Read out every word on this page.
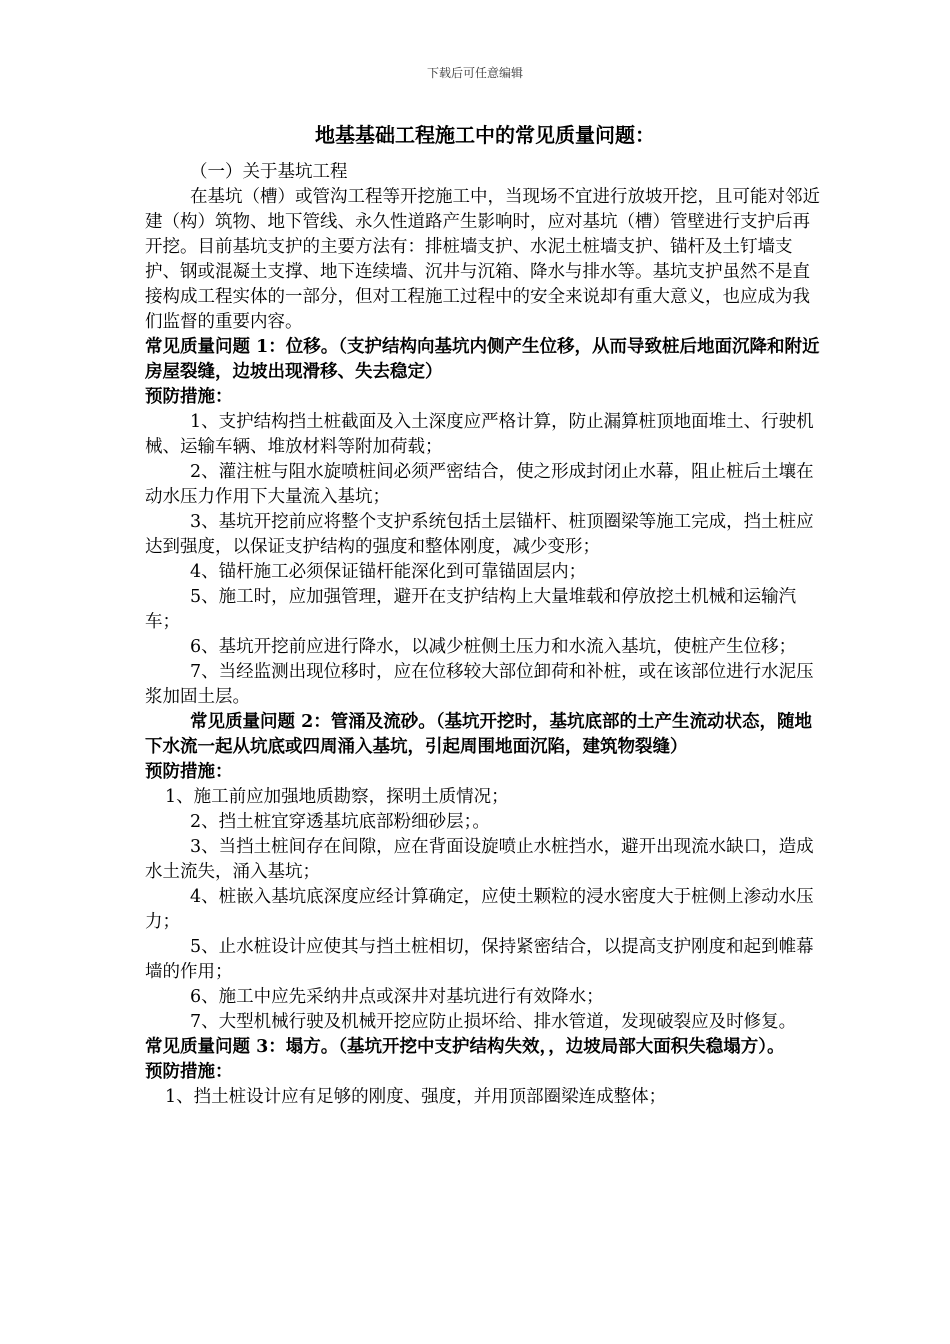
下载后可任意编辑
地基基础工程施工中的常见质量问题：

（一）关于基坑工程

在基坑（槽）或管沟工程等开挖施工中，当现场不宜进行放坡开挖，且可能对邻近建（构）筑物、地下管线、永久性道路产生影响时，应对基坑（槽）管壁进行支护后再开挖。目前基坑支护的主要方法有：排桩墙支护、水泥土桩墙支护、锚杆及土钉墙支护、钢或混凝土支撑、地下连续墙、沉井与沉箱、降水与排水等。基坑支护虽然不是直接构成工程实体的一部分，但对工程施工过程中的安全来说却有重大意义，也应成为我们监督的重要内容。

常见质量问题 1：位移。（支护结构向基坑内侧产生位移，从而导致桩后地面沉降和附近房屋裂缝，边坡出现滑移、失去稳定）

预防措施：

1、支护结构挡土桩截面及入土深度应严格计算，防止漏算桩顶地面堆土、行驶机械、运输车辆、堆放材料等附加荷载；

2、灌注桩与阻水旋喷桩间必须严密结合，使之形成封闭止水幕，阻止桩后土壤在动水压力作用下大量流入基坑；

3、基坑开挖前应将整个支护系统包括土层锚杆、桩顶圈梁等施工完成，挡土桩应达到强度，以保证支护结构的强度和整体刚度，减少变形；

4、锚杆施工必须保证锚杆能深化到可靠锚固层内；

5、施工时，应加强管理，避开在支护结构上大量堆载和停放挖土机械和运输汽车；

6、基坑开挖前应进行降水，以减少桩侧土压力和水流入基坑，使桩产生位移；

7、当经监测出现位移时，应在位移较大部位卸荷和补桩，或在该部位进行水泥压浆加固土层。

常见质量问题 2：管涌及流砂。（基坑开挖时，基坑底部的土产生流动状态，随地下水流一起从坑底或四周涌入基坑，引起周围地面沉陷，建筑物裂缝）

预防措施：

1、施工前应加强地质勘察，探明土质情况；

2、挡土桩宜穿透基坑底部粉细砂层；。

3、当挡土桩间存在间隙，应在背面设旋喷止水桩挡水，避开出现流水缺口，造成水土流失，涌入基坑；

4、桩嵌入基坑底深度应经计算确定，应使土颗粒的浸水密度大于桩侧上渗动水压力；

5、止水桩设计应使其与挡土桩相切，保持紧密结合，以提高支护刚度和起到帷幕墙的作用；

6、施工中应先采纳井点或深井对基坑进行有效降水；

7、大型机械行驶及机械开挖应防止损坏给、排水管道，发现破裂应及时修复。

常见质量问题 3：塌方。（基坑开挖中支护结构失效，，边坡局部大面积失稳塌方）。

预防措施：

1、挡土桩设计应有足够的刚度、强度，并用顶部圈梁连成整体；
